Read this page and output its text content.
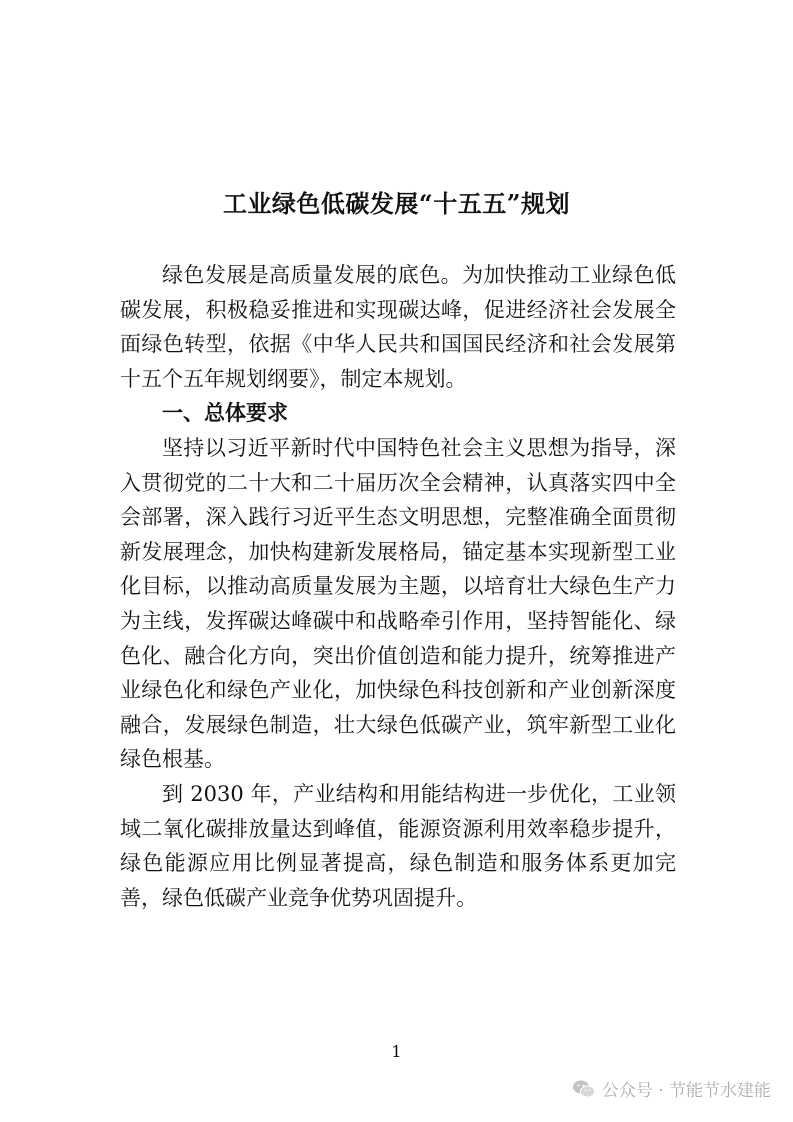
工业绿色低碳发展“十五五”规划

绿色发展是高质量发展的底色。为加快推动工业绿色低碳发展，积极稳妥推进和实现碳达峰，促进经济社会发展全面绿色转型，依据《中华人民共和国国民经济和社会发展第十五个五年规划纲要》，制定本规划。

一、总体要求

坚持以习近平新时代中国特色社会主义思想为指导，深入贯彻党的二十大和二十届历次全会精神，认真落实四中全会部署，深入践行习近平生态文明思想，完整准确全面贯彻新发展理念，加快构建新发展格局，锚定基本实现新型工业化目标，以推动高质量发展为主题，以培育壮大绿色生产力为主线，发挥碳达峰碳中和战略牵引作用，坚持智能化、绿色化、融合化方向，突出价值创造和能力提升，统筹推进产业绿色化和绿色产业化，加快绿色科技创新和产业创新深度融合，发展绿色制造，壮大绿色低碳产业，筑牢新型工业化绿色根基。

到 2030 年，产业结构和用能结构进一步优化，工业领域二氧化碳排放量达到峰值，能源资源利用效率稳步提升，绿色能源应用比例显著提高，绿色制造和服务体系更加完善，绿色低碳产业竞争优势巩固提升。

1
公众号 · 节能节水建能
